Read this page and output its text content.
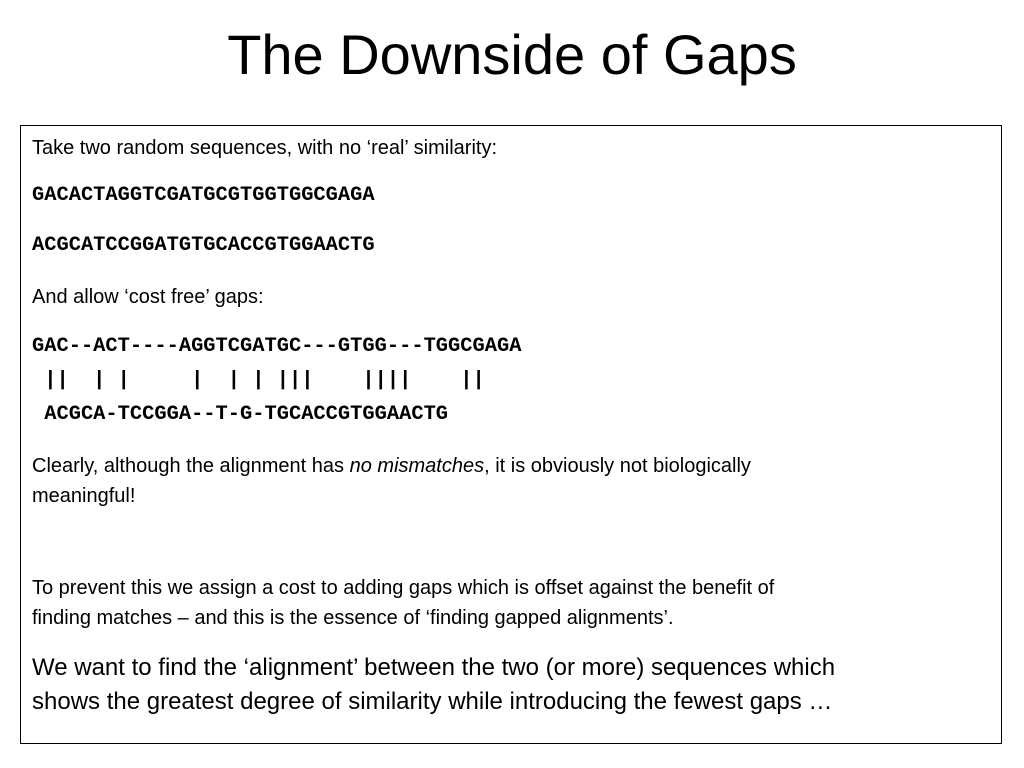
The Downside of Gaps

Take two random sequences, with no ‘real’ similarity:

GACACTAGGTCGATGCGTGGTGGCGAGA

ACGCATCCGGATGTGCACCGTGGAACTG

And allow ‘cost free’ gaps:

GAC--ACT----AGGTCGATGC---GTGG---TGGCGAGA

||  | |     |  | | |||    ||||    ||

ACGCA-TCCGGA--T-G-TGCACCGTGGAACTG

Clearly, although the alignment has no mismatches, it is obviously not biologically

meaningful!

To prevent this we assign a cost to adding gaps which is offset against the benefit of

finding matches – and this is the essence of ‘finding gapped alignments’.

We want to find the ‘alignment’ between the two (or more) sequences which

shows the greatest degree of similarity while introducing the fewest gaps …
